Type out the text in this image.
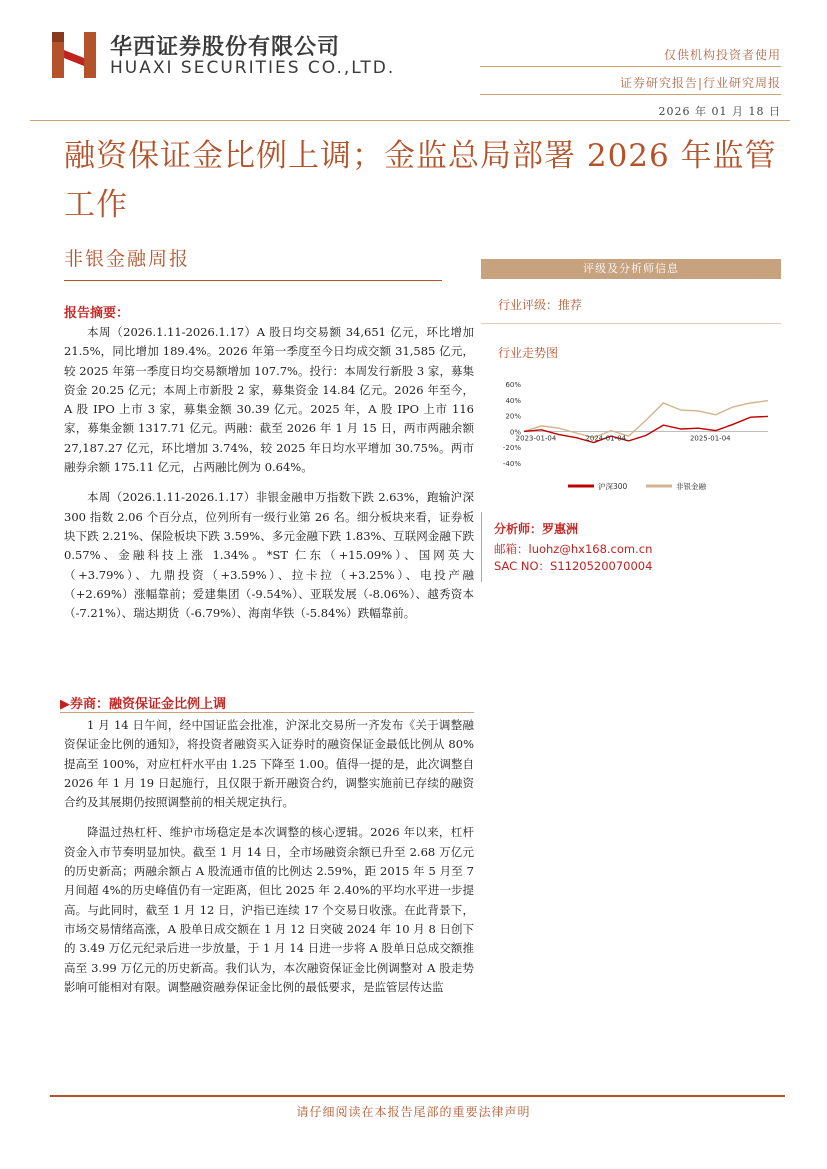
华西证券股份有限公司
HUAXI SECURITIES CO.,LTD.
仅供机构投资者使用
证券研究报告|行业研究周报
2026 年 01 月 18 日
融资保证金比例上调；金监总局部署 2026 年监管工作
非银金融周报
报告摘要：

本周（2026.1.11-2026.1.17）A 股日均交易额 34,651 亿元，环比增加 21.5%，同比增加 189.4%。2026 年第一季度至今日均成交额 31,585 亿元，较 2025 年第一季度日均交易额增加 107.7%。投行：本周发行新股 3 家，募集资金 20.25 亿元；本周上市新股 2 家，募集资金 14.84 亿元。2026 年至今，A 股 IPO 上市 3 家，募集金额 30.39 亿元。2025 年，A 股 IPO 上市 116 家，募集金额 1317.71 亿元。两融：截至 2026 年 1 月 15 日，两市两融余额 27,187.27 亿元，环比增加 3.74%，较 2025 年日均水平增加 30.75%。两市融券余额 175.11 亿元，占两融比例为 0.64%。

本周（2026.1.11-2026.1.17）非银金融申万指数下跌 2.63%，跑输沪深 300 指数 2.06 个百分点，位列所有一级行业第 26 名。细分板块来看，证券板块下跌 2.21%、保险板块下跌 3.59%、多元金融下跌 1.83%、互联网金融下跌 0.57%、金融科技上涨 1.34%。*ST 仁东（+15.09%）、国网英大（+3.79%）、九鼎投资（+3.59%）、拉卡拉（+3.25%）、电投产融（+2.69%）涨幅靠前；爱建集团（-9.54%）、亚联发展（-8.06%）、越秀资本（-7.21%）、瑞达期货（-6.79%）、海南华铁（-5.84%）跌幅靠前。

▶券商：融资保证金比例上调

1 月 14 日午间，经中国证监会批准，沪深北交易所一齐发布《关于调整融资保证金比例的通知》，将投资者融资买入证券时的融资保证金最低比例从 80%提高至 100%，对应杠杆水平由 1.25 下降至 1.00。值得一提的是，此次调整自 2026 年 1 月 19 日起施行，且仅限于新开融资合约，调整实施前已存续的融资合约及其展期仍按照调整前的相关规定执行。

降温过热杠杆、维护市场稳定是本次调整的核心逻辑。2026 年以来，杠杆资金入市节奏明显加快。截至 1 月 14 日，全市场融资余额已升至 2.68 万亿元的历史新高；两融余额占 A 股流通市值的比例达 2.59%，距 2015 年 5 月至 7 月间超 4%的历史峰值仍有一定距离，但比 2025 年 2.40%的平均水平进一步提高。与此同时，截至 1 月 12 日，沪指已连续 17 个交易日收涨。在此背景下，市场交易情绪高涨，A 股单日成交额在 1 月 12 日突破 2024 年 10 月 8 日创下的 3.49 万亿元纪录后进一步放量，于 1 月 14 日进一步将 A 股单日总成交额推高至 3.99 万亿元的历史新高。我们认为，本次融资保证金比例调整对 A 股走势影响可能相对有限。调整融资融券保证金比例的最低要求，是监管层传达监

评级及分析师信息
行业评级：推荐
行业走势图
60%
40%
20%
0%
-20%
-40%
2023-01-04	2024-01-04	2025-01-04
沪深300	非银金融
分析师：罗惠洲
邮箱：luohz@hx168.com.cn
SAC NO：S1120520070004
请仔细阅读在本报告尾部的重要法律声明
